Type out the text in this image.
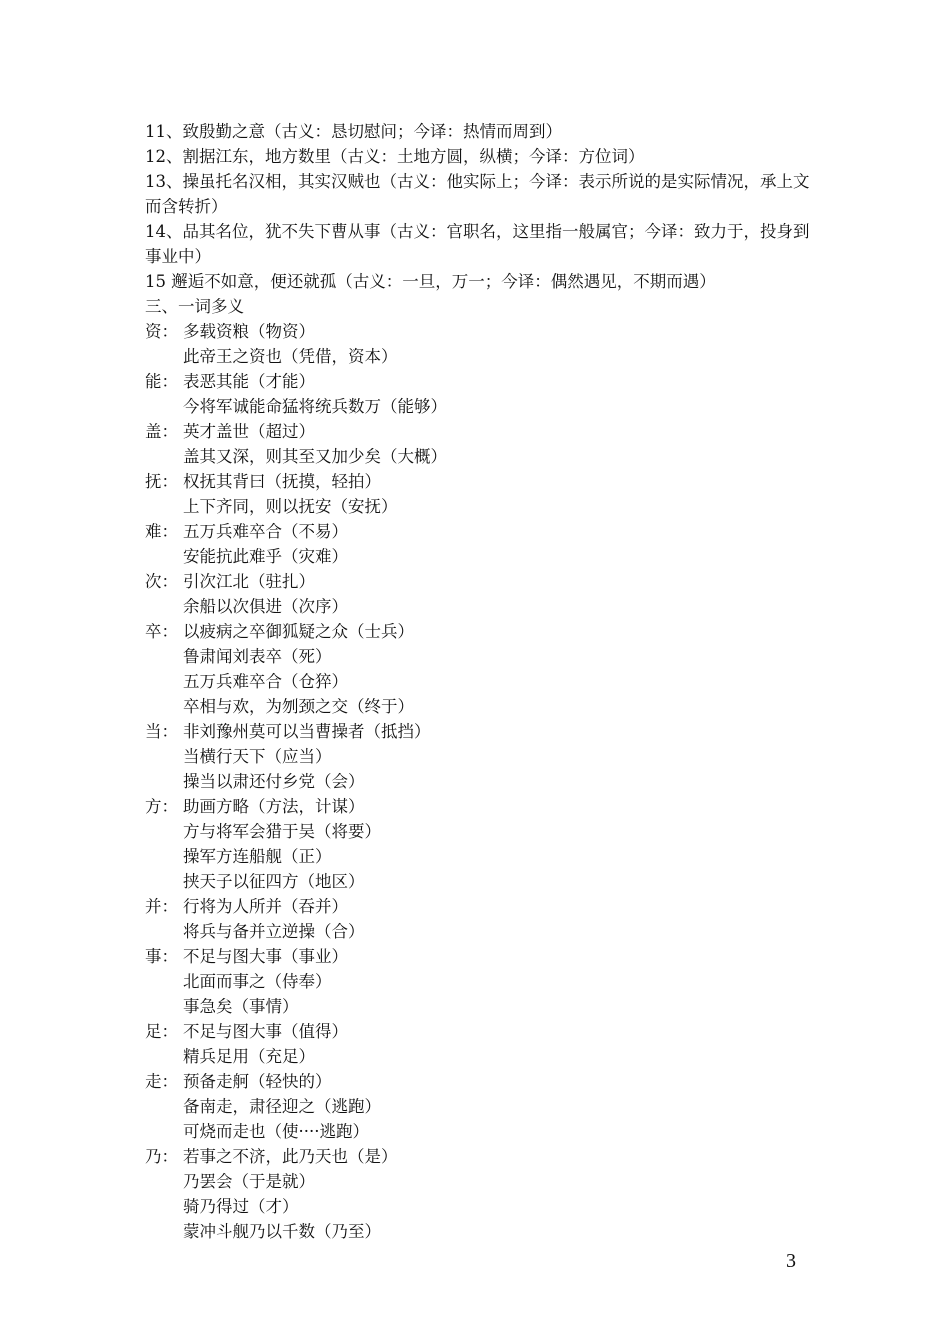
11、致殷勤之意（古义：恳切慰问；今译：热情而周到）
12、割据江东，地方数里（古义：土地方圆，纵横；今译：方位词）
13、操虽托名汉相，其实汉贼也（古义：他实际上；今译：表示所说的是实际情况，承上文而含转折）
14、品其名位，犹不失下曹从事（古义：官职名，这里指一般属官；今译：致力于，投身到事业中）
15 邂逅不如意，便还就孤（古义：一旦，万一；今译：偶然遇见，不期而遇）
三、一词多义
资： 多载资粮（物资）
此帝王之资也（凭借，资本）
能： 表恶其能（才能）
今将军诚能命猛将统兵数万（能够）
盖： 英才盖世（超过）
盖其又深，则其至又加少矣（大概）
抚： 权抚其背曰（抚摸，轻拍）
上下齐同，则以抚安（安抚）
难： 五万兵难卒合（不易）
安能抗此难乎（灾难）
次： 引次江北（驻扎）
余船以次俱进（次序）
卒： 以疲病之卒御狐疑之众（士兵）
鲁肃闻刘表卒（死）
五万兵难卒合（仓猝）
卒相与欢，为刎颈之交（终于）
当： 非刘豫州莫可以当曹操者（抵挡）
当横行天下（应当）
操当以肃还付乡党（会）
方： 助画方略（方法，计谋）
方与将军会猎于吴（将要）
操军方连船舰（正）
挟天子以征四方（地区）
并： 行将为人所并（吞并）
将兵与备并立逆操（合）
事： 不足与图大事（事业）
北面而事之（侍奉）
事急矣（事情）
足： 不足与图大事（值得）
精兵足用（充足）
走： 预备走舸（轻快的）
备南走，肃径迎之（逃跑）
可烧而走也（使····逃跑）
乃： 若事之不济，此乃天也（是）
乃罢会（于是就）
骑乃得过（才）
蒙冲斗舰乃以千数（乃至）
3
